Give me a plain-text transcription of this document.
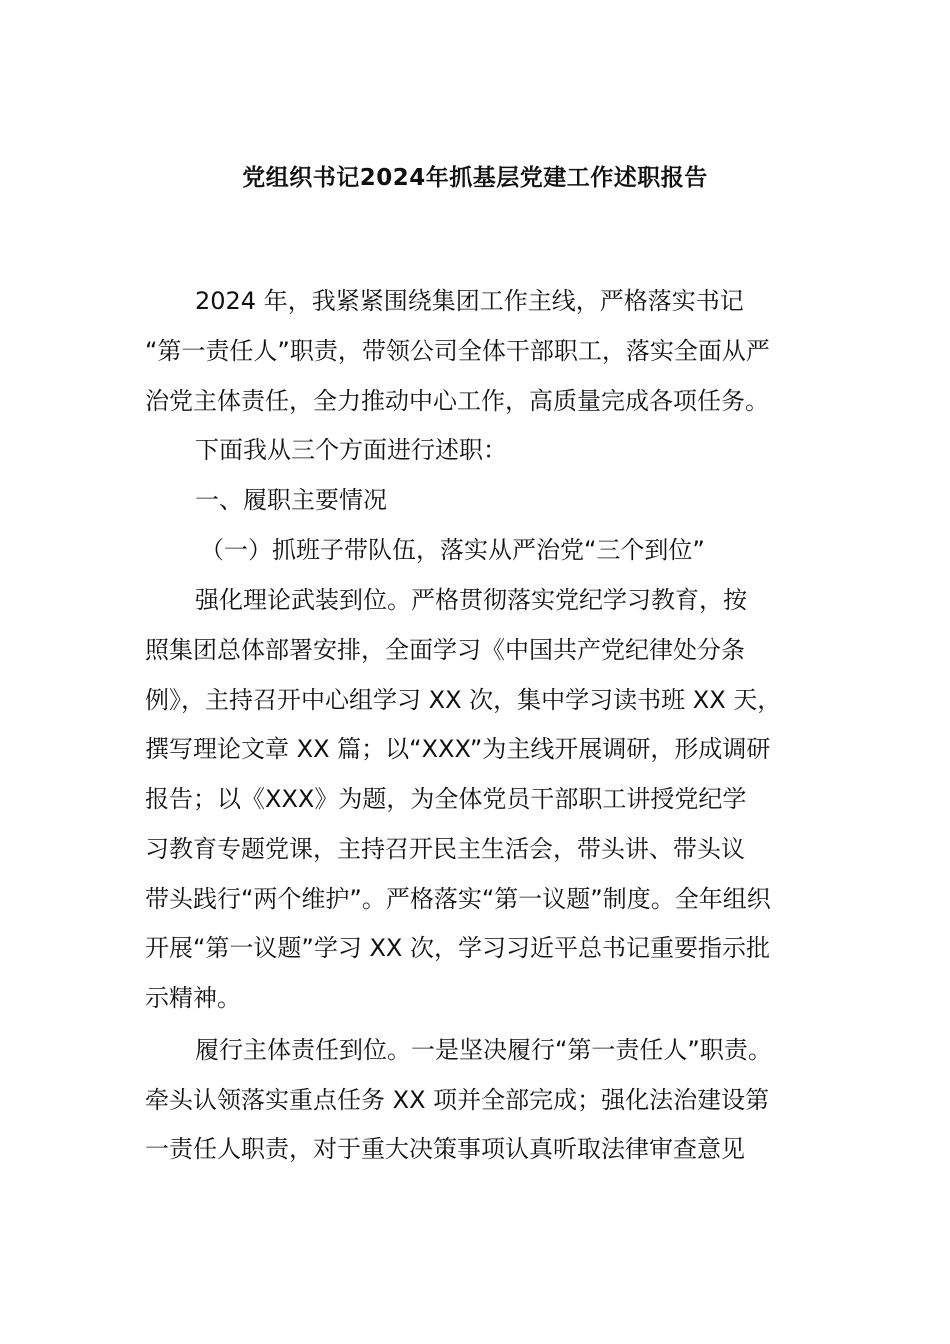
党组织书记2024年抓基层党建工作述职报告
2024 年，我紧紧围绕集团工作主线，严格落实书记
“第一责任人”职责，带领公司全体干部职工，落实全面从严
治党主体责任，全力推动中心工作，高质量完成各项任务。
下面我从三个方面进行述职：
一、履职主要情况
（一）抓班子带队伍，落实从严治党“三个到位”
强化理论武装到位。严格贯彻落实党纪学习教育，按
照集团总体部署安排，全面学习《中国共产党纪律处分条
例》，主持召开中心组学习 XX 次，集中学习读书班 XX 天，
撰写理论文章 XX 篇；以“XXX”为主线开展调研，形成调研
报告；以《XXX》为题，为全体党员干部职工讲授党纪学
习教育专题党课，主持召开民主生活会，带头讲、带头议
带头践行“两个维护”。严格落实“第一议题”制度。全年组织
开展“第一议题”学习 XX 次，学习习近平总书记重要指示批
示精神。
履行主体责任到位。一是坚决履行“第一责任人”职责。
牵头认领落实重点任务 XX 项并全部完成；强化法治建设第
一责任人职责，对于重大决策事项认真听取法律审查意见
